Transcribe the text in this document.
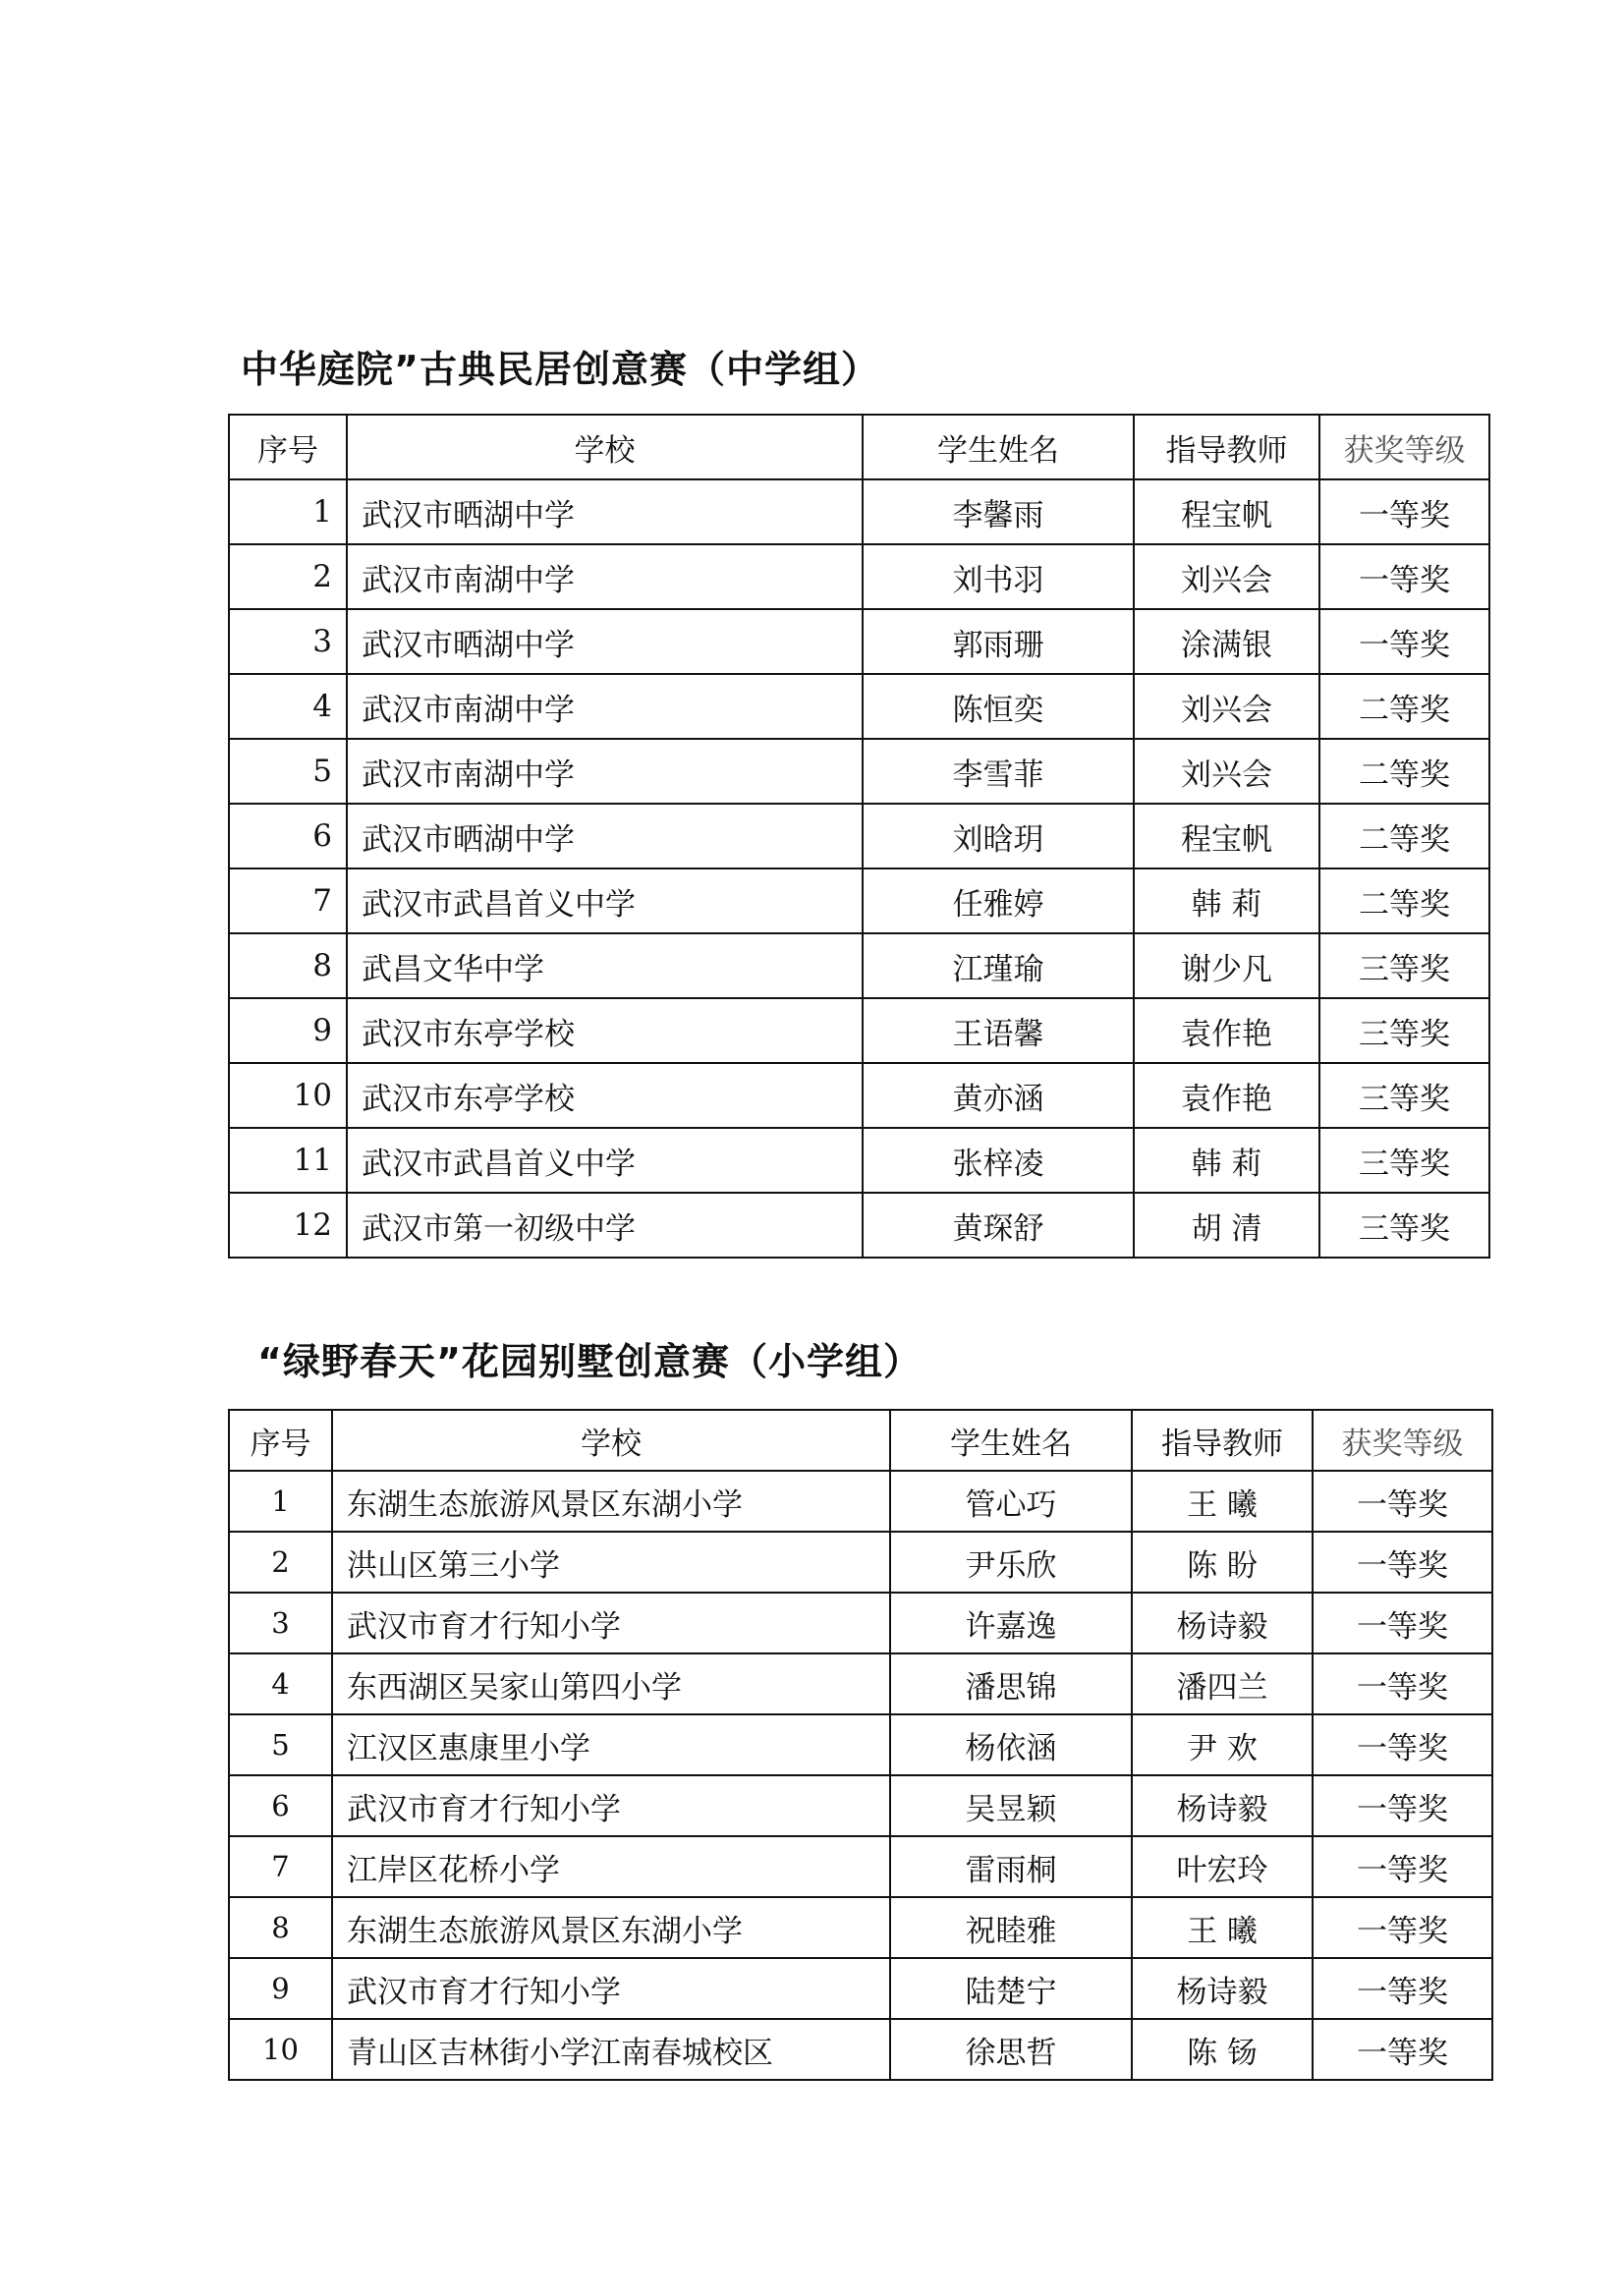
中华庭院”古典民居创意赛（中学组）
序号	学校	学生姓名	指导教师	获奖等级
1	武汉市晒湖中学	李馨雨	程宝帆	一等奖
2	武汉市南湖中学	刘书羽	刘兴会	一等奖
3	武汉市晒湖中学	郭雨珊	涂满银	一等奖
4	武汉市南湖中学	陈恒奕	刘兴会	二等奖
5	武汉市南湖中学	李雪菲	刘兴会	二等奖
6	武汉市晒湖中学	刘晗玥	程宝帆	二等奖
7	武汉市武昌首义中学	任雅婷	韩 莉	二等奖
8	武昌文华中学	江瑾瑜	谢少凡	三等奖
9	武汉市东亭学校	王语馨	袁作艳	三等奖
10	武汉市东亭学校	黄亦涵	袁作艳	三等奖
11	武汉市武昌首义中学	张梓凌	韩 莉	三等奖
12	武汉市第一初级中学	黄琛舒	胡 清	三等奖
“绿野春天”花园别墅创意赛（小学组）
序号	学校	学生姓名	指导教师	获奖等级
1	东湖生态旅游风景区东湖小学	管心巧	王 曦	一等奖
2	洪山区第三小学	尹乐欣	陈 盼	一等奖
3	武汉市育才行知小学	许嘉逸	杨诗毅	一等奖
4	东西湖区吴家山第四小学	潘思锦	潘四兰	一等奖
5	江汉区惠康里小学	杨依涵	尹 欢	一等奖
6	武汉市育才行知小学	吴昱颖	杨诗毅	一等奖
7	江岸区花桥小学	雷雨桐	叶宏玲	一等奖
8	东湖生态旅游风景区东湖小学	祝睦雅	王 曦	一等奖
9	武汉市育才行知小学	陆楚宁	杨诗毅	一等奖
10	青山区吉林街小学江南春城校区	徐思哲	陈 钖	一等奖
